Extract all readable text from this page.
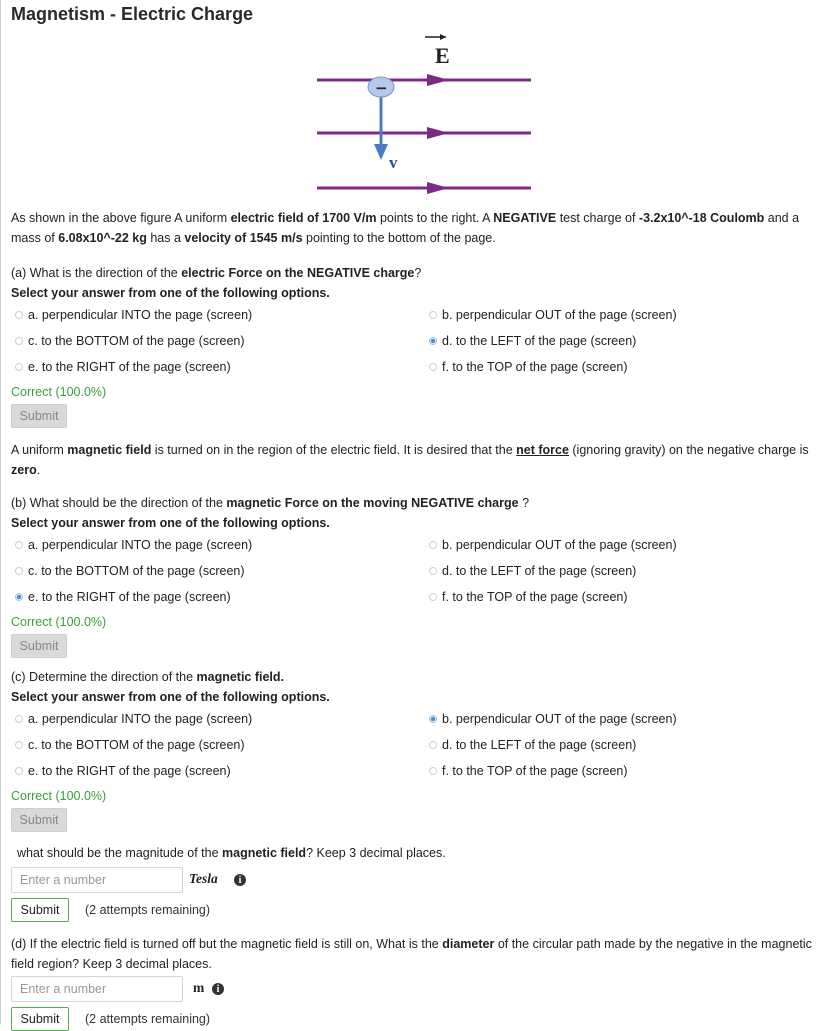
Magnetism - Electric Charge
E
−
v
As shown in the above figure A uniform electric field of 1700 V/m points to the right. A NEGATIVE test charge of -3.2x10^-18 Coulomb and a mass of 6.08x10^-22 kg has a velocity of 1545 m/s pointing to the bottom of the page.
(a) What is the direction of the electric Force on the NEGATIVE charge?
Select your answer from one of the following options.
a. perpendicular INTO the page (screen)	b. perpendicular OUT of the page (screen)
c. to the BOTTOM of the page (screen)	d. to the LEFT of the page (screen)
e. to the RIGHT of the page (screen)	f. to the TOP of the page (screen)
Correct (100.0%)
Submit
A uniform magnetic field is turned on in the region of the electric field. It is desired that the net force (ignoring gravity) on the negative charge is zero.
(b) What should be the direction of the magnetic Force on the moving NEGATIVE charge ?
Select your answer from one of the following options.
a. perpendicular INTO the page (screen)	b. perpendicular OUT of the page (screen)
c. to the BOTTOM of the page (screen)	d. to the LEFT of the page (screen)
e. to the RIGHT of the page (screen)	f. to the TOP of the page (screen)
Correct (100.0%)
Submit
(c) Determine the direction of the magnetic field.
Select your answer from one of the following options.
a. perpendicular INTO the page (screen)	b. perpendicular OUT of the page (screen)
c. to the BOTTOM of the page (screen)	d. to the LEFT of the page (screen)
e. to the RIGHT of the page (screen)	f. to the TOP of the page (screen)
Correct (100.0%)
Submit
what should be the magnitude of the magnetic field? Keep 3 decimal places.
Enter a number
Tesla	i
Submit	(2 attempts remaining)
(d) If the electric field is turned off but the magnetic field is still on, What is the diameter of the circular path made by the negative in the magnetic field region? Keep 3 decimal places.
Enter a number
m	i
Submit	(2 attempts remaining)
